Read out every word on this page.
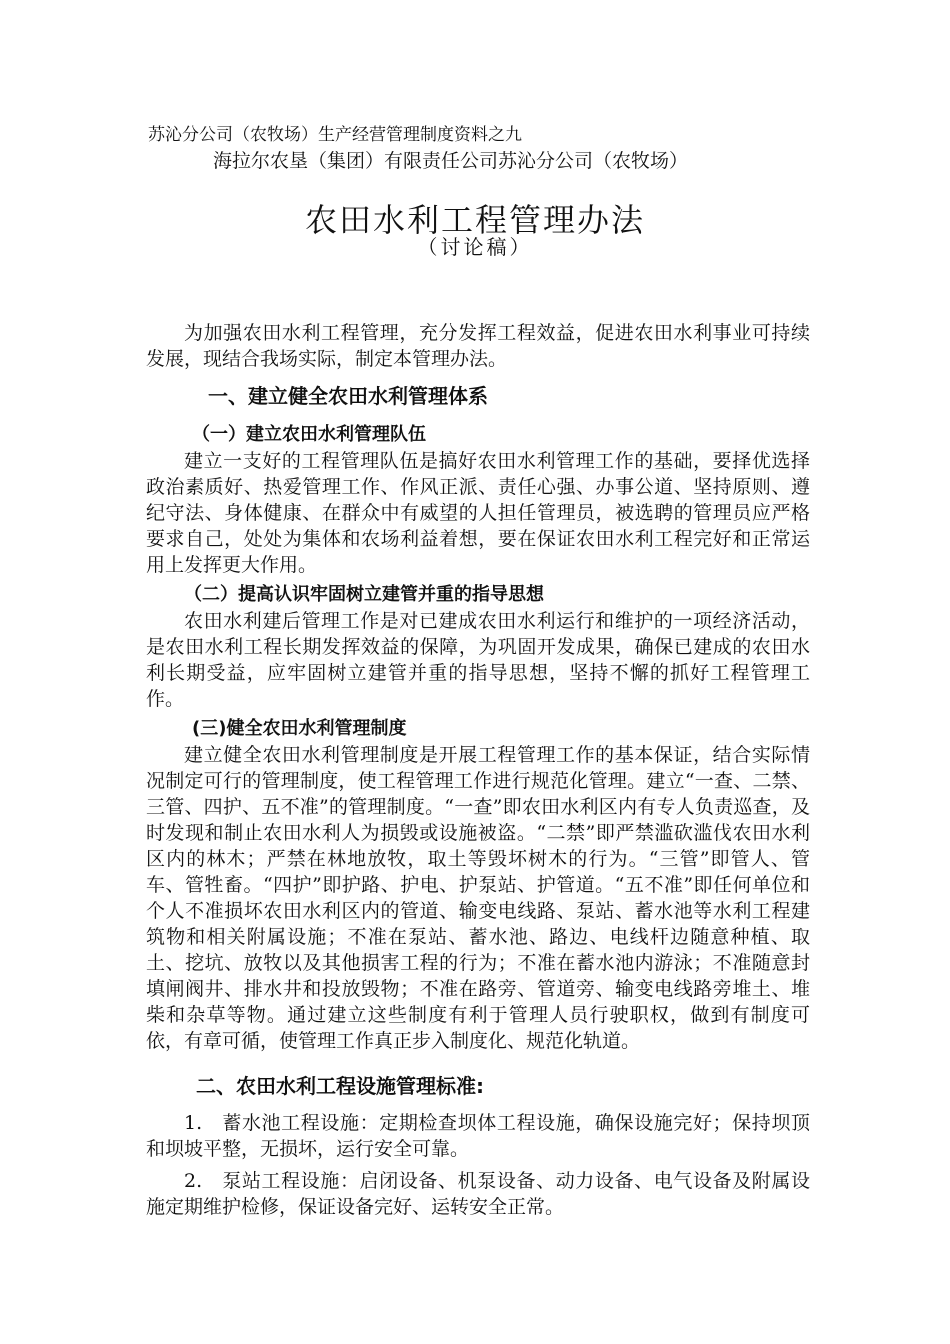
苏沁分公司（农牧场）生产经营管理制度资料之九
海拉尔农垦（集团）有限责任公司苏沁分公司（农牧场）
农田水利工程管理办法
（讨论稿）

为加强农田水利工程管理，充分发挥工程效益，促进农田水利事业可持续发展，现结合我场实际，制定本管理办法。

一、建立健全农田水利管理体系
（一）建立农田水利管理队伍

建立一支好的工程管理队伍是搞好农田水利管理工作的基础，要择优选择政治素质好、热爱管理工作、作风正派、责任心强、办事公道、坚持原则、遵纪守法、身体健康、在群众中有威望的人担任管理员，被选聘的管理员应严格要求自己，处处为集体和农场利益着想，要在保证农田水利工程完好和正常运用上发挥更大作用。

（二）提高认识牢固树立建管并重的指导思想

农田水利建后管理工作是对已建成农田水利运行和维护的一项经济活动，是农田水利工程长期发挥效益的保障，为巩固开发成果，确保已建成的农田水利长期受益，应牢固树立建管并重的指导思想，坚持不懈的抓好工程管理工作。

(三)健全农田水利管理制度

建立健全农田水利管理制度是开展工程管理工作的基本保证，结合实际情况制定可行的管理制度，使工程管理工作进行规范化管理。建立“一查、二禁、三管、四护、五不准”的管理制度。“一查”即农田水利区内有专人负责巡查，及时发现和制止农田水利人为损毁或设施被盗。“二禁”即严禁滥砍滥伐农田水利区内的林木；严禁在林地放牧，取土等毁坏树木的行为。“三管”即管人、管车、管牲畜。“四护”即护路、护电、护泵站、护管道。“五不准”即任何单位和个人不准损坏农田水利区内的管道、输变电线路、泵站、蓄水池等水利工程建筑物和相关附属设施；不准在泵站、蓄水池、路边、电线杆边随意种植、取土、挖坑、放牧以及其他损害工程的行为；不准在蓄水池内游泳；不准随意封填闸阀井、排水井和投放毁物；不准在路旁、管道旁、输变电线路旁堆土、堆柴和杂草等物。通过建立这些制度有利于管理人员行驶职权，做到有制度可依，有章可循，使管理工作真正步入制度化、规范化轨道。

二、农田水利工程设施管理标准:

1.　蓄水池工程设施：定期检查坝体工程设施，确保设施完好；保持坝顶和坝坡平整，无损坏，运行安全可靠。

2.　泵站工程设施：启闭设备、机泵设备、动力设备、电气设备及附属设施定期维护检修，保证设备完好、运转安全正常。
